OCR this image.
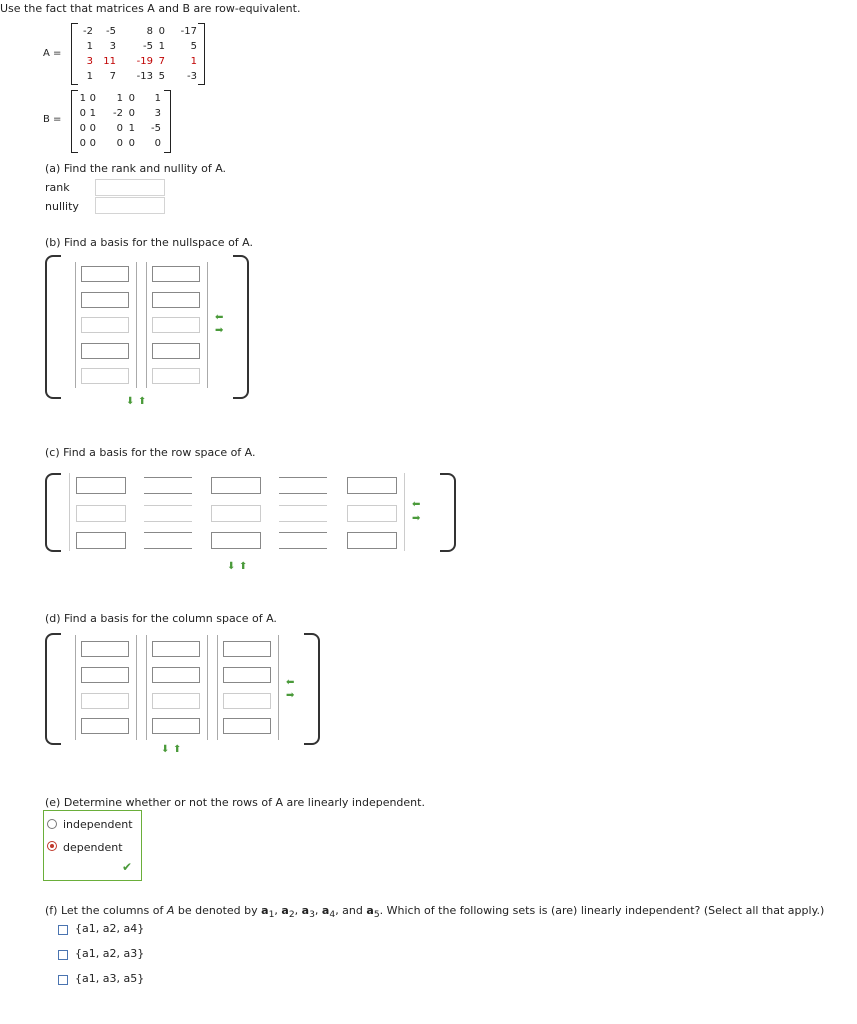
Use the fact that matrices A and B are row-equivalent.
A =
-2	-5	8 0	-17
1	3	-5 1	5
3	11	-19 7	1
1	7	-13 5	-3
B =
1 0	1 0	1
0 1	-2 0	3
0 0	0 1	-5
0 0	0 0	0
(a) Find the rank and nullity of A.
rank
nullity
(b) Find a basis for the nullspace of A.
⬅
➡
⬇ ⬆
(c) Find a basis for the row space of A.
⬅
➡
⬇ ⬆
(d) Find a basis for the column space of A.
⬅
➡
⬇ ⬆
(e) Determine whether or not the rows of A are linearly independent.
independent
dependent
✔
(f) Let the columns of A be denoted by $a_1$, $a_2$, $a_3$, $a_4$, and $a_5$. Which of the following sets is (are) linearly independent? (Select all that apply.)
{a1, a2, a4}
{a1, a2, a3}
{a1, a3, a5}
